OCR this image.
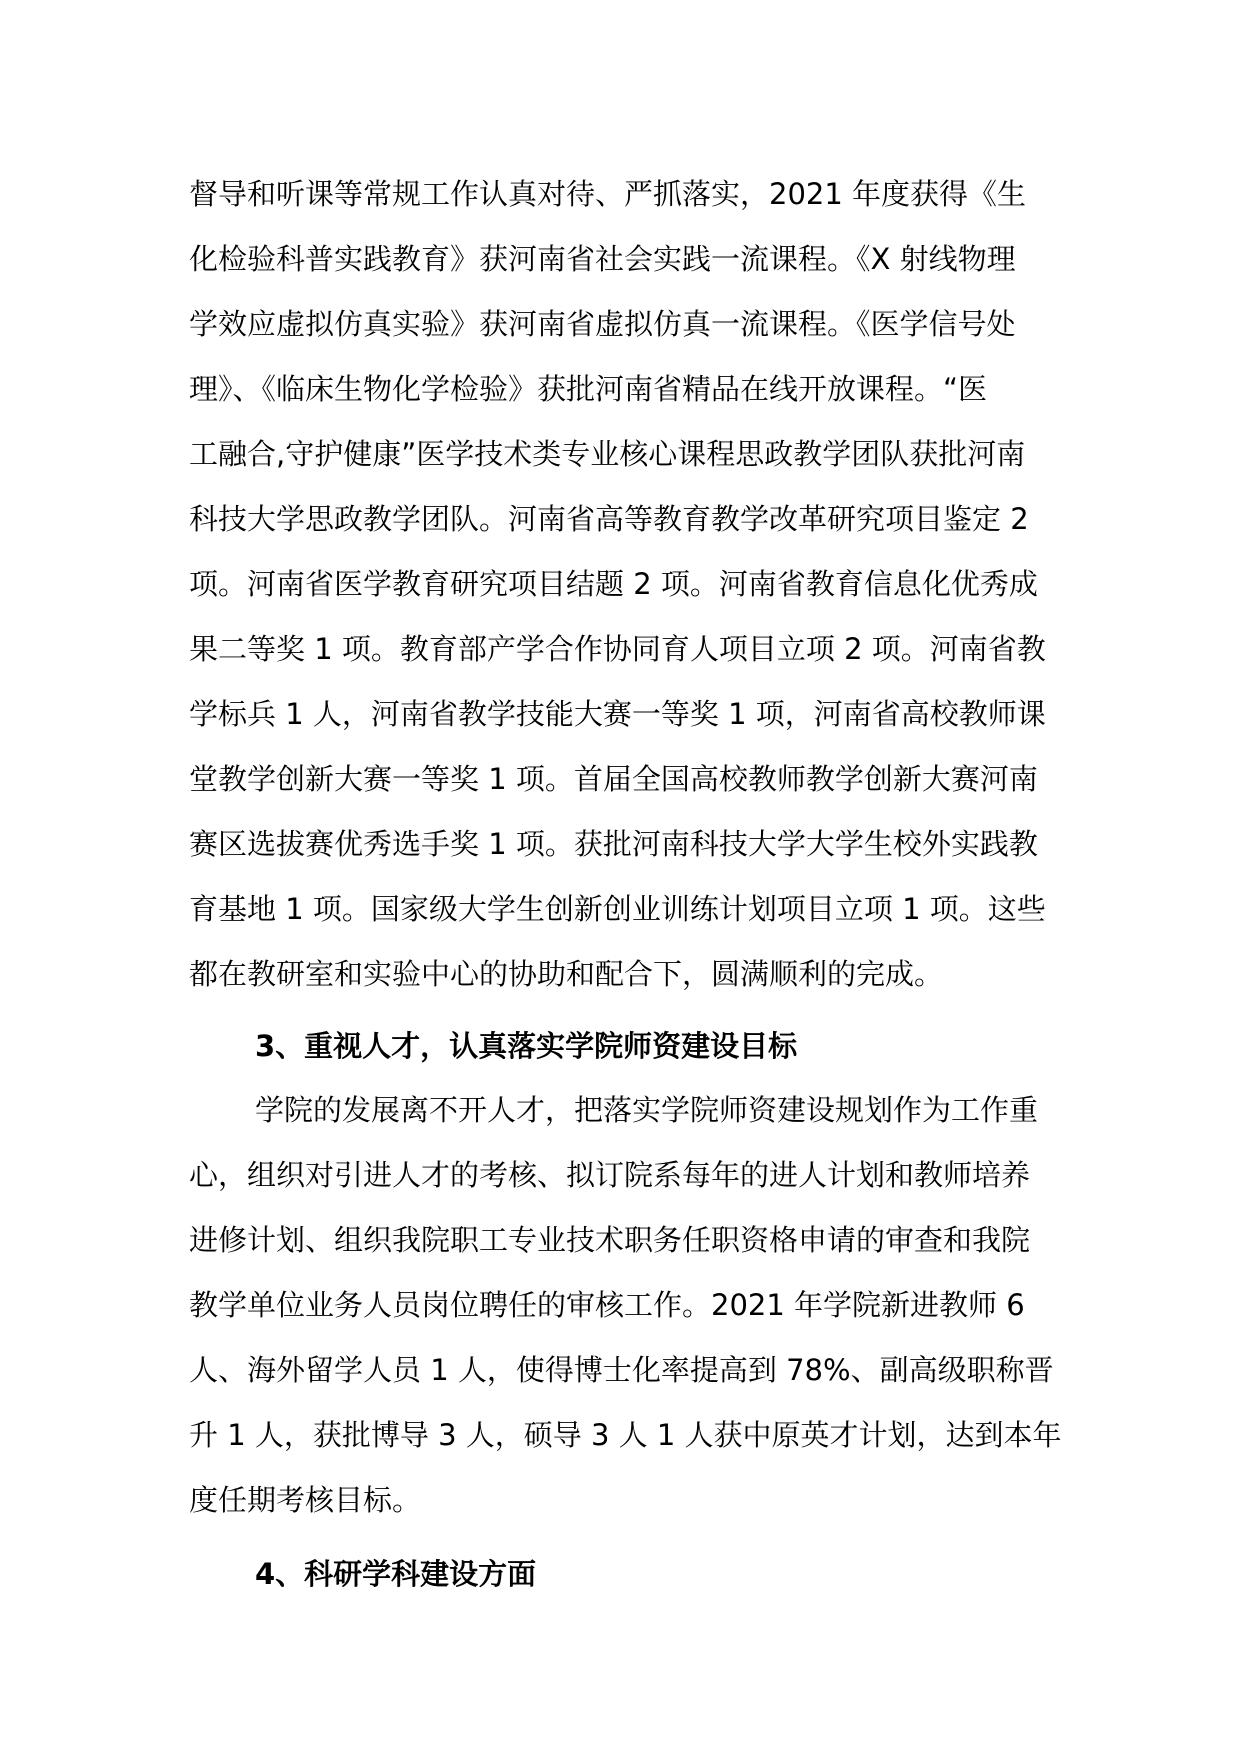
督导和听课等常规工作认真对待、严抓落实，2021 年度获得《生
化检验科普实践教育》获河南省社会实践一流课程。《X 射线物理
学效应虚拟仿真实验》获河南省虚拟仿真一流课程。《医学信号处
理》、《临床生物化学检验》获批河南省精品在线开放课程。“医
工融合,守护健康”医学技术类专业核心课程思政教学团队获批河南
科技大学思政教学团队。河南省高等教育教学改革研究项目鉴定 2
项。河南省医学教育研究项目结题 2 项。河南省教育信息化优秀成
果二等奖 1 项。教育部产学合作协同育人项目立项 2 项。河南省教
学标兵 1 人，河南省教学技能大赛一等奖 1 项，河南省高校教师课
堂教学创新大赛一等奖 1 项。首届全国高校教师教学创新大赛河南
赛区选拔赛优秀选手奖 1 项。获批河南科技大学大学生校外实践教
育基地 1 项。国家级大学生创新创业训练计划项目立项 1 项。这些
都在教研室和实验中心的协助和配合下，圆满顺利的完成。
3、重视人才，认真落实学院师资建设目标
学院的发展离不开人才，把落实学院师资建设规划作为工作重
心，组织对引进人才的考核、拟订院系每年的进人计划和教师培养
进修计划、组织我院职工专业技术职务任职资格申请的审查和我院
教学单位业务人员岗位聘任的审核工作。2021 年学院新进教师 6
人、海外留学人员 1 人，使得博士化率提高到 78%、副高级职称晋
升 1 人，获批博导 3 人，硕导 3 人 1 人获中原英才计划，达到本年
度任期考核目标。
4、科研学科建设方面
